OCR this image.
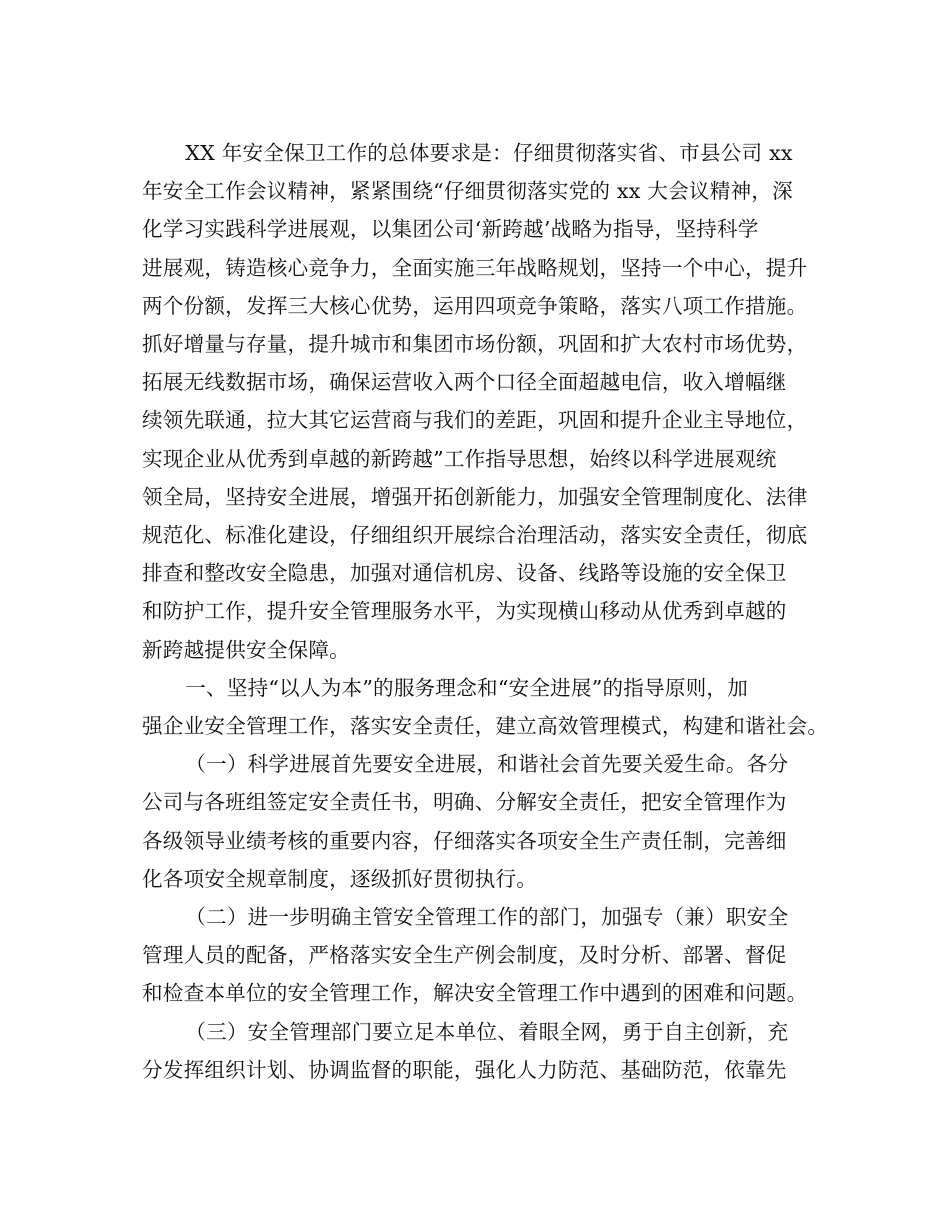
XX 年安全保卫工作的总体要求是：仔细贯彻落实省、市县公司 xx
年安全工作会议精神，紧紧围绕“仔细贯彻落实党的 xx 大会议精神，深
化学习实践科学进展观，以集团公司‘新跨越’战略为指导，坚持科学
进展观，铸造核心竞争力，全面实施三年战略规划，坚持一个中心，提升
两个份额，发挥三大核心优势，运用四项竞争策略，落实八项工作措施。
抓好增量与存量，提升城市和集团市场份额，巩固和扩大农村市场优势，
拓展无线数据市场，确保运营收入两个口径全面超越电信，收入增幅继
续领先联通，拉大其它运营商与我们的差距，巩固和提升企业主导地位，
实现企业从优秀到卓越的新跨越”工作指导思想，始终以科学进展观统
领全局，坚持安全进展，增强开拓创新能力，加强安全管理制度化、法律
规范化、标准化建设，仔细组织开展综合治理活动，落实安全责任，彻底
排查和整改安全隐患，加强对通信机房、设备、线路等设施的安全保卫
和防护工作，提升安全管理服务水平，为实现横山移动从优秀到卓越的
新跨越提供安全保障。
一、坚持“以人为本”的服务理念和“安全进展”的指导原则，加
强企业安全管理工作，落实安全责任，建立高效管理模式，构建和谐社会。
（一）科学进展首先要安全进展，和谐社会首先要关爱生命。各分
公司与各班组签定安全责任书，明确、分解安全责任，把安全管理作为
各级领导业绩考核的重要内容，仔细落实各项安全生产责任制，完善细
化各项安全规章制度，逐级抓好贯彻执行。
（二）进一步明确主管安全管理工作的部门，加强专（兼）职安全
管理人员的配备，严格落实安全生产例会制度，及时分析、部署、督促
和检查本单位的安全管理工作，解决安全管理工作中遇到的困难和问题。
（三）安全管理部门要立足本单位、着眼全网，勇于自主创新，充
分发挥组织计划、协调监督的职能，强化人力防范、基础防范，依靠先
